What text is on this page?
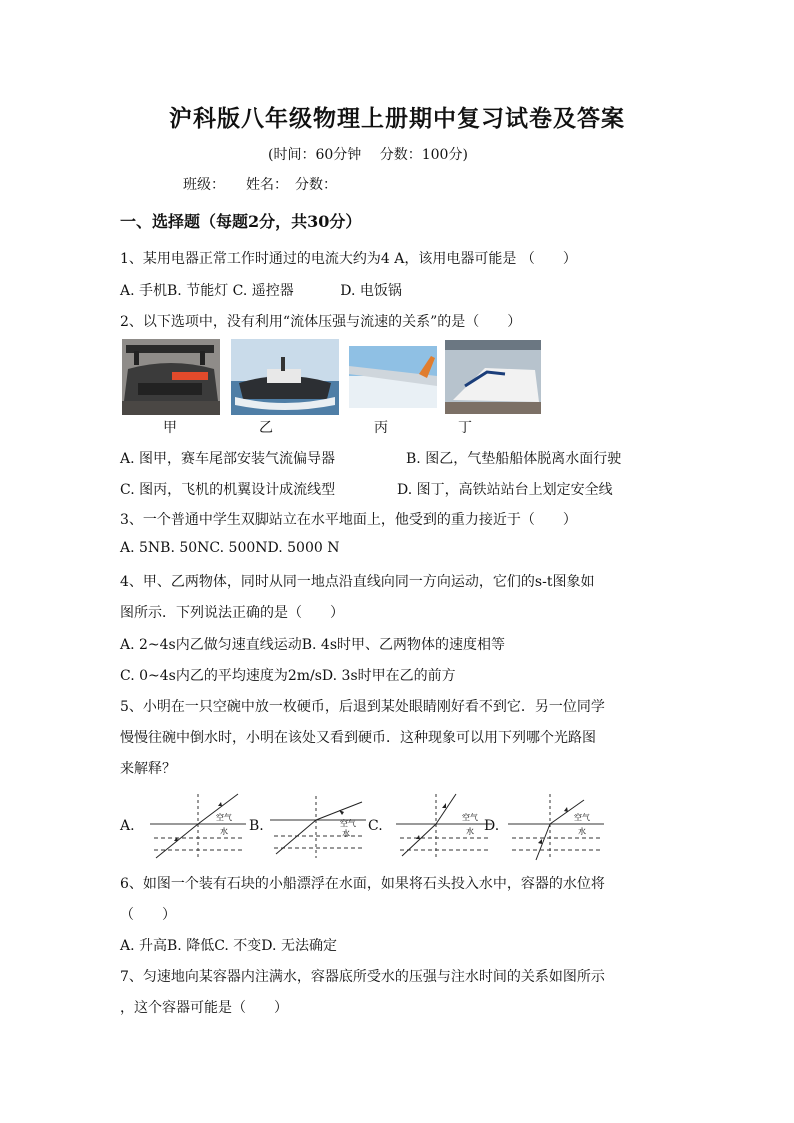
沪科版八年级物理上册期中复习试卷及答案
(时间：60分钟　 分数：100分)
班级：　　姓名：　分数：
一、选择题（每题2分，共30分）
1、某用电器正常工作时通过的电流大约为4 A，该用电器可能是 （　　）
A. 手机B. 节能灯 C. 遥控器　　　 D. 电饭锅
2、以下选项中，没有利用“流体压强与流速的关系”的是（　　）
甲	乙	丙	丁
A. 图甲，赛车尾部安装气流偏导器	B. 图乙，气垫船船体脱离水面行驶
C. 图丙，飞机的机翼设计成流线型	D. 图丁，高铁站站台上划定安全线
3、一个普通中学生双脚站立在水平地面上，他受到的重力接近于（　　）
A. 5NB. 50NC. 500ND. 5000 N
4、甲、乙两物体，同时从同一地点沿直线向同一方向运动，它们的s-t图象如
图所示．下列说法正确的是（　　）
A. 2~4s内乙做匀速直线运动B. 4s时甲、乙两物体的速度相等
C. 0~4s内乙的平均速度为2m/sD. 3s时甲在乙的前方
5、小明在一只空碗中放一枚硬币，后退到某处眼睛刚好看不到它．另一位同学
慢慢往碗中倒水时，小明在该处又看到硬币．这种现象可以用下列哪个光路图
来解释？
A.
空气
水 B.	空气
水 C.
空气
水 D.
空气
水
6、如图一个装有石块的小船漂浮在水面，如果将石头投入水中，容器的水位将
（　　）
A. 升高B. 降低C. 不变D. 无法确定
7、匀速地向某容器内注满水，容器底所受水的压强与注水时间的关系如图所示
，这个容器可能是（　　）
